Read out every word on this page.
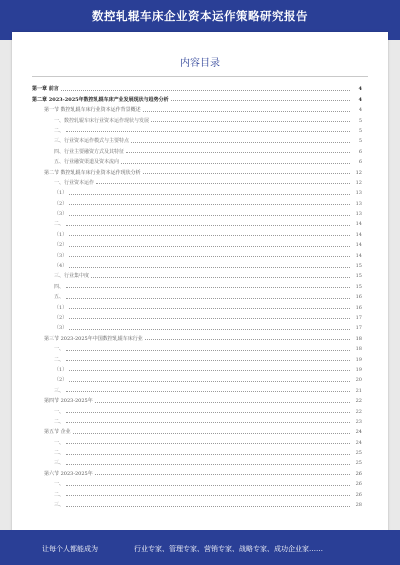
数控轧辊车床企业资本运作策略研究报告
内容目录
第一章 前言	4
第二章 2023-2025年数控轧辊车床产业发展现状与趋势分析	4
第一节 数控轧辊车床行业资本运作背景概述	4
一、数控轧辊车床行业资本运作现状与发展	5
二、	5
三、行业资本运作模式与主要特点	5
四、行业主要融资方式及其特征	6
五、行业融资渠道及资本流向	6
第二节 数控轧辊车床行业资本运作现状分析	12
一、行业资本运作	12
（1）	13
（2）	13
（3）	13
二、	14
（1）	14
（2）	14
（3）	14
（4）	15
三、行业集中度	15
四、	15
五、	16
（1）	16
（2）	17
（3）	17
第三节 2023-2025年中国数控轧辊车床行业	18
一、	18
二、	19
（1）	19
（2）	20
三、	21
第四节 2023-2025年	22
一、	22
二、	23
第五节 企业	24
一、	24
二、	25
三、	25
第六节 2023-2025年	26
一、	26
二、	26
三、	28
让每个人都能成为	行业专家、管理专家、营销专家、战略专家、成功企业家……
